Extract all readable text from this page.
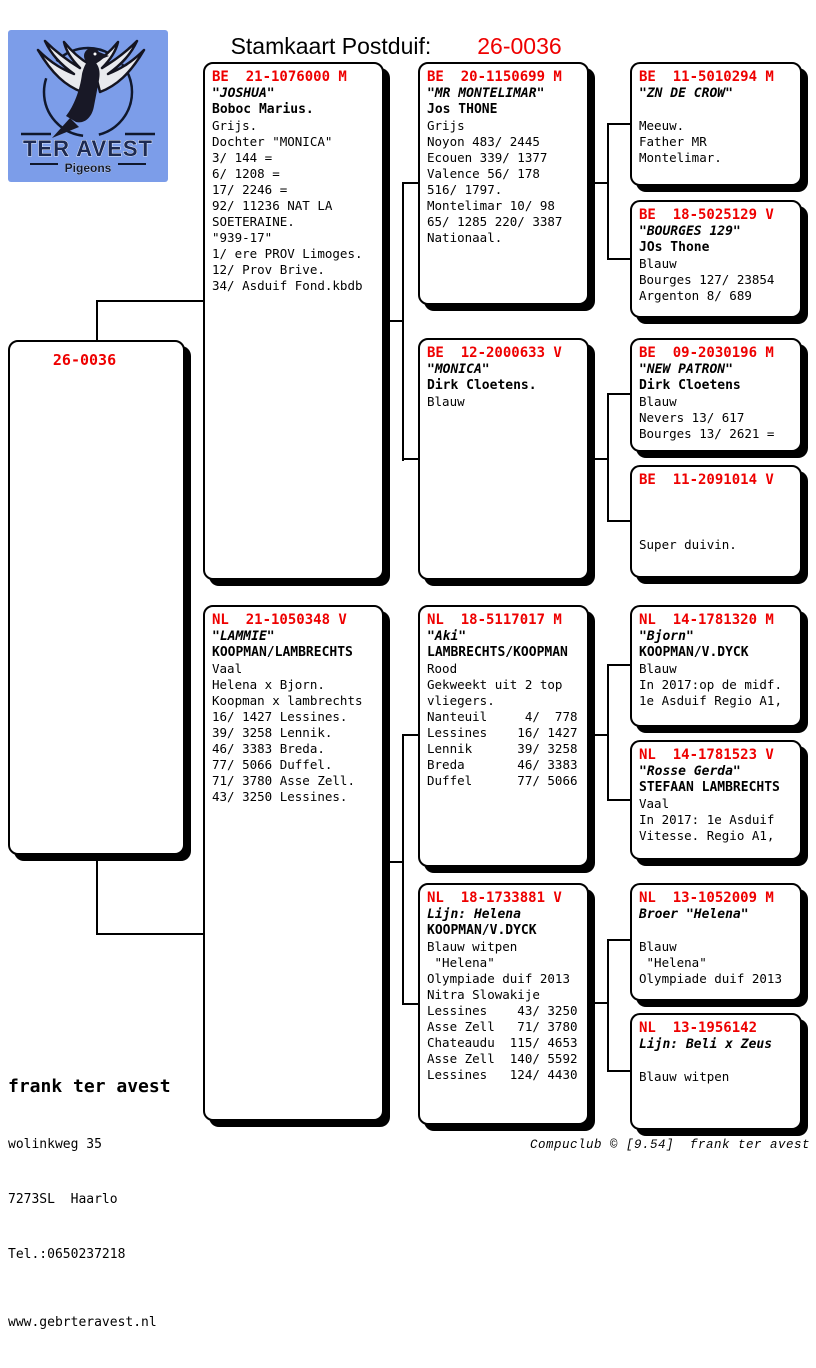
Stamkaart Postduif: 26-0036

TER AVEST
Pigeons
26-0036
BE  21-1076000 M
"JOSHUA"
Boboc Marius.
Grijs.
Dochter "MONICA"
3/ 144 =
6/ 1208 =
17/ 2246 =
92/ 11236 NAT LA
SOETERAINE.
"939-17"
1/ ere PROV Limoges.
12/ Prov Brive.
34/ Asduif Fond.kbdb
NL  21-1050348 V
"LAMMIE"
KOOPMAN/LAMBRECHTS
Vaal
Helena x Bjorn.
Koopman x lambrechts
16/ 1427 Lessines.
39/ 3258 Lennik.
46/ 3383 Breda.
77/ 5066 Duffel.
71/ 3780 Asse Zell.
43/ 3250 Lessines.
BE  20-1150699 M
"MR MONTELIMAR"
Jos THONE
Grijs
Noyon 483/ 2445
Ecouen 339/ 1377
Valence 56/ 178
516/ 1797.
Montelimar 10/ 98
65/ 1285 220/ 3387
Nationaal.
BE  12-2000633 V
"MONICA"
Dirk Cloetens.
Blauw
NL  18-5117017 M
"Aki"
LAMBRECHTS/KOOPMAN
Rood
Gekweekt uit 2 top
vliegers.
Nanteuil     4/  778
Lessines    16/ 1427
Lennik      39/ 3258
Breda       46/ 3383
Duffel      77/ 5066
NL  18-1733881 V
Lijn: Helena
KOOPMAN/V.DYCK
Blauw witpen
"Helena"
Olympiade duif 2013
Nitra Slowakije
Lessines    43/ 3250
Asse Zell   71/ 3780
Chateaudu  115/ 4653
Asse Zell  140/ 5592
Lessines   124/ 4430
BE  11-5010294 M
"ZN DE CROW"

Meeuw.
Father MR
Montelimar.
BE  18-5025129 V
"BOURGES 129"
JOs Thone
Blauw
Bourges 127/ 23854
Argenton 8/ 689
BE  09-2030196 M
"NEW PATRON"
Dirk Cloetens
Blauw
Nevers 13/ 617
Bourges 13/ 2621 =
BE  11-2091014 V

Super duivin.
NL  14-1781320 M
"Bjorn"
KOOPMAN/V.DYCK
Blauw
In 2017:op de midf.
1e Asduif Regio A1,
NL  14-1781523 V
"Rosse Gerda"
STEFAAN LAMBRECHTS
Vaal
In 2017: 1e Asduif
Vitesse. Regio A1,
NL  13-1052009 M
Broer "Helena"

Blauw
"Helena"
Olympiade duif 2013
NL  13-1956142
Lijn: Beli x Zeus

Blauw witpen

frank ter avest

wolinkweg 35

7273SL  Haarlo

Tel.:0650237218

www.gebrteravest.nl

Compuclub © [9.54]  frank ter avest
